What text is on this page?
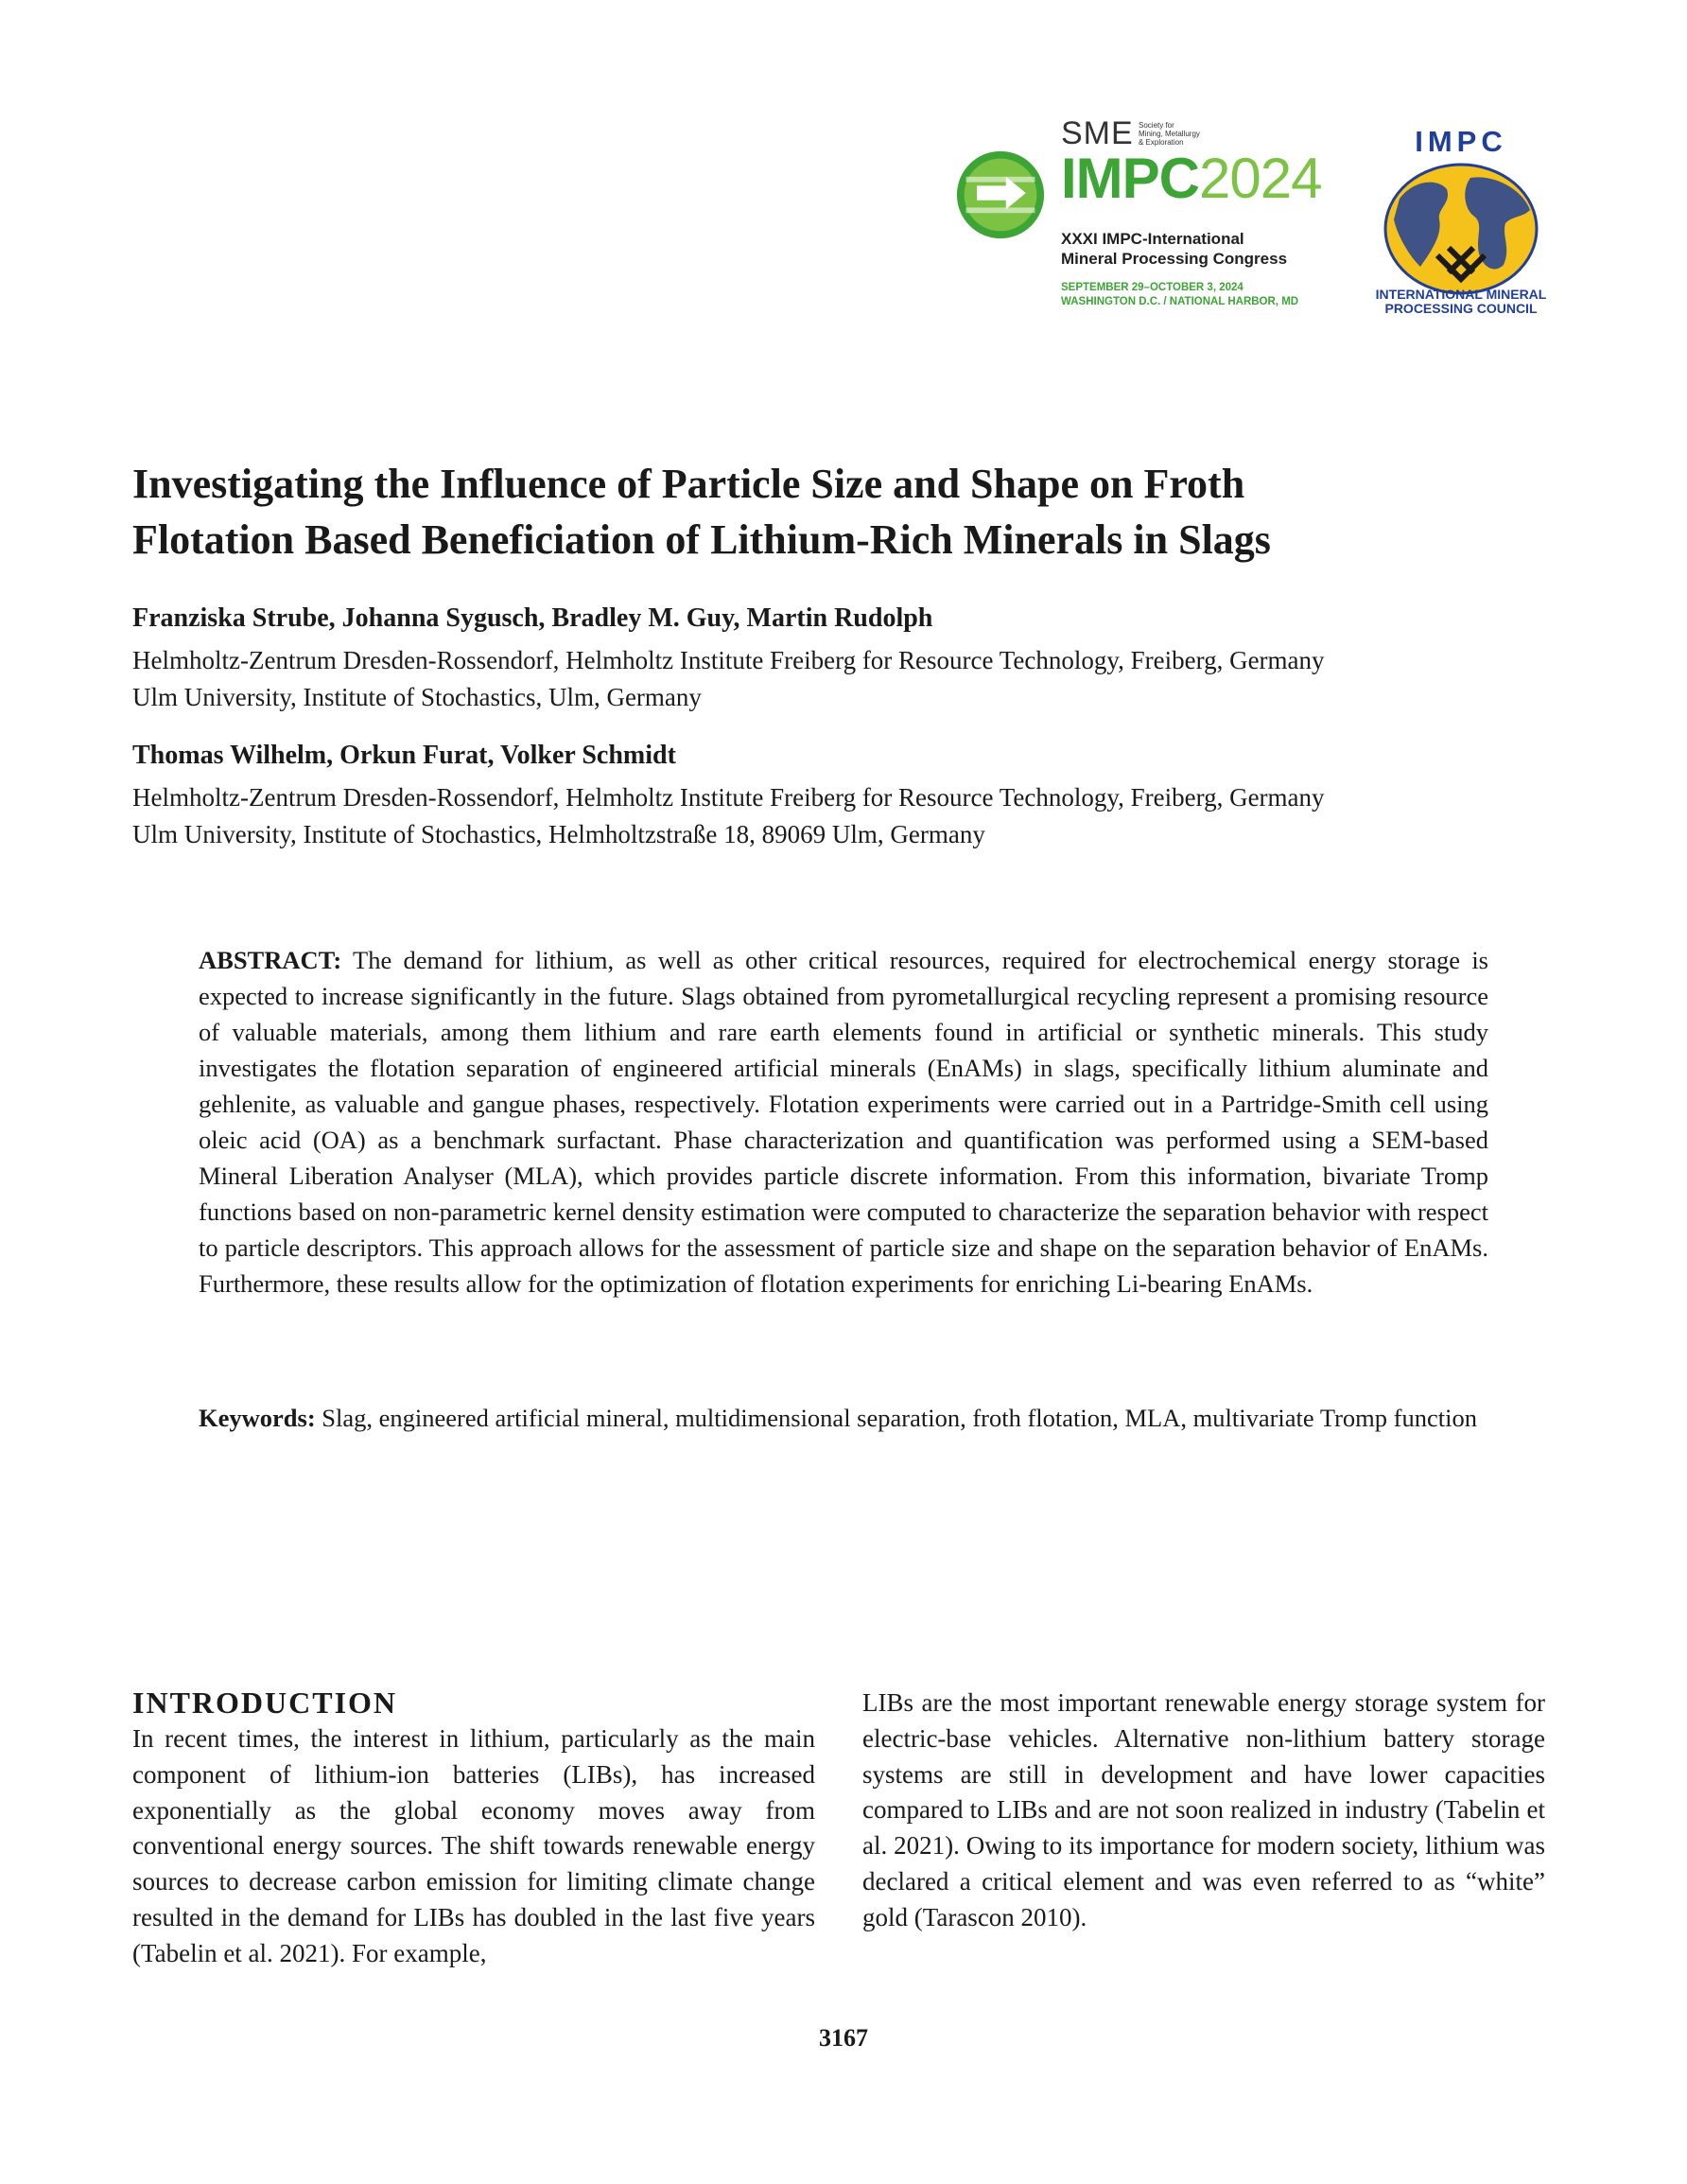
SME Society for
Mining, Metallurgy
& Exploration
IMPC2024
XXXI IMPC-International
Mineral Processing Congress
SEPTEMBER 29–OCTOBER 3, 2024
WASHINGTON D.C. / NATIONAL HARBOR, MD
IMPC
INTERNATIONAL MINERAL
PROCESSING COUNCIL
Investigating the Influence of Particle Size and Shape on Froth
Flotation Based Beneficiation of Lithium-Rich Minerals in Slags

Franziska Strube, Johanna Sygusch, Bradley M. Guy, Martin Rudolph

Helmholtz-Zentrum Dresden-Rossendorf, Helmholtz Institute Freiberg for Resource Technology, Freiberg, Germany

Ulm University, Institute of Stochastics, Ulm, Germany

Thomas Wilhelm, Orkun Furat, Volker Schmidt

Helmholtz-Zentrum Dresden-Rossendorf, Helmholtz Institute Freiberg for Resource Technology, Freiberg, Germany

Ulm University, Institute of Stochastics, Helmholtzstraße 18, 89069 Ulm, Germany

ABSTRACT: The demand for lithium, as well as other critical resources, required for electrochemical energy storage is expected to increase significantly in the future. Slags obtained from pyrometallurgical recycling represent a promising resource of valuable materials, among them lithium and rare earth elements found in artificial or synthetic minerals. This study investigates the flotation separation of engineered artificial minerals (EnAMs) in slags, specifically lithium aluminate and gehlenite, as valuable and gangue phases, respectively. Flotation experiments were carried out in a Partridge-Smith cell using oleic acid (OA) as a benchmark surfactant. Phase characterization and quantification was performed using a SEM-based Mineral Liberation Analyser (MLA), which provides particle discrete information. From this information, bivariate Tromp functions based on non-parametric kernel density estimation were computed to characterize the separation behavior with respect to particle descriptors. This approach allows for the assessment of particle size and shape on the separation behavior of EnAMs. Furthermore, these results allow for the optimization of flotation experiments for enriching Li-bearing EnAMs.

Keywords: Slag, engineered artificial mineral, multidimensional separation, froth flotation, MLA, multivariate Tromp function

INTRODUCTION

In recent times, the interest in lithium, particularly as the main component of lithium-ion batteries (LIBs), has increased exponentially as the global economy moves away from conventional energy sources. The shift towards renewable energy sources to decrease carbon emission for limiting climate change resulted in the demand for LIBs has doubled in the last five years (Tabelin et al. 2021). For example,

LIBs are the most important renewable energy storage system for electric-base vehicles. Alternative non-lithium battery storage systems are still in development and have lower capacities compared to LIBs and are not soon realized in industry (Tabelin et al. 2021). Owing to its importance for modern society, lithium was declared a critical element and was even referred to as “white” gold (Tarascon 2010).

3167
